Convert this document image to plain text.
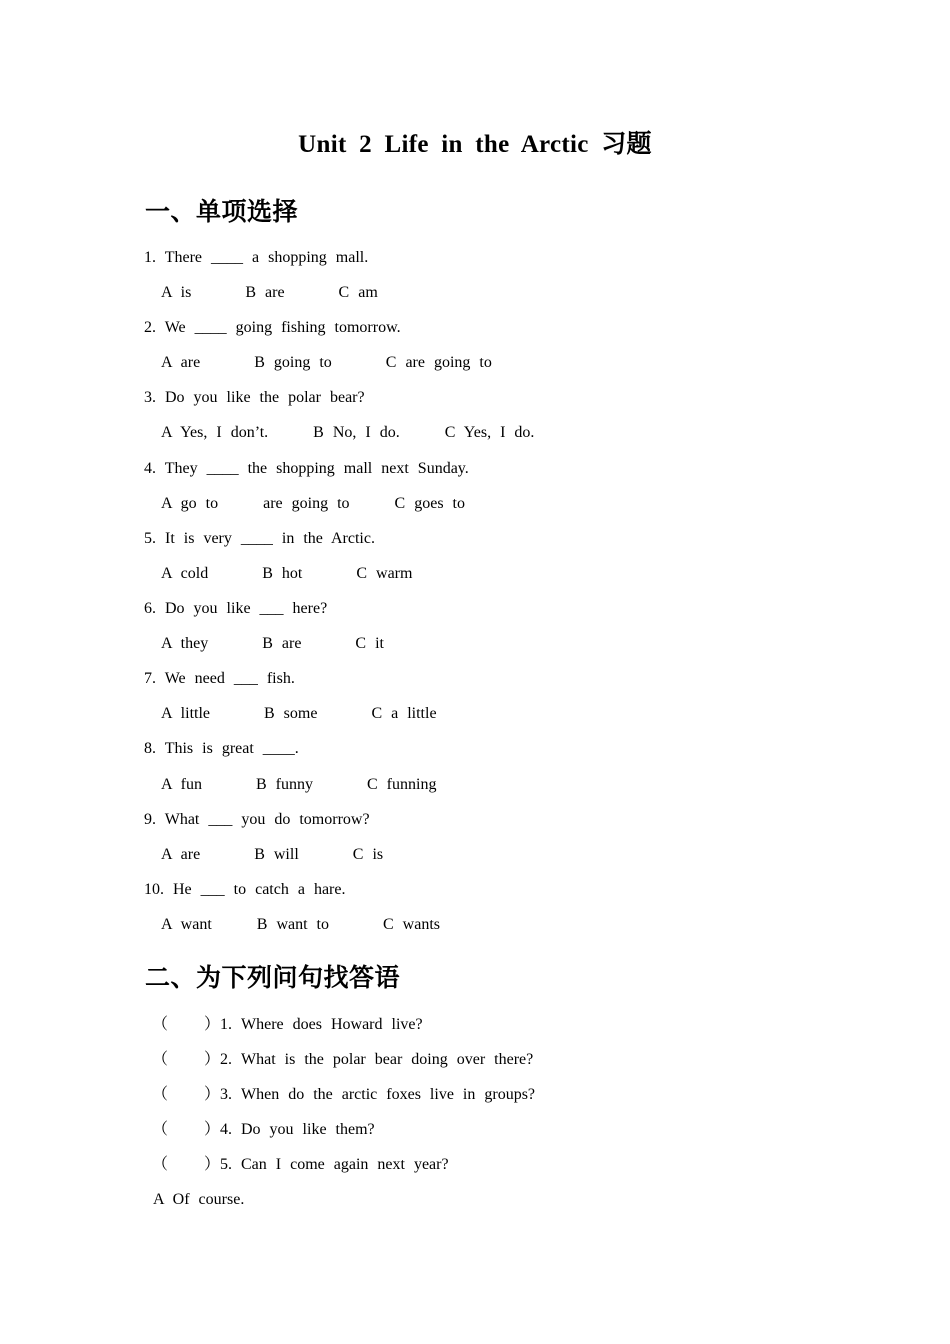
Unit 2 Life in the Arctic 习题
一、单项选择
1. There ____ a shopping mall.
A is      B are      C am
2. We ____ going fishing tomorrow.
A are      B going to      C are going to
3. Do you like the polar bear?
A Yes, I don’t.     B No, I do.     C Yes, I do.
4. They ____ the shopping mall next Sunday.
A go to     are going to     C goes to
5. It is very ____ in the Arctic.
A cold      B hot      C warm
6. Do you like ___ here?
A they      B are      C it
7. We need ___ fish.
A little      B some      C a little
8. This is great ____.
A fun      B funny      C funning
9. What ___ you do tomorrow?
A are      B will      C is
10. He ___ to catch a hare.
A want     B want to      C wants
二、为下列问句找答语
（    ）1. Where does Howard live?
（    ）2. What is the polar bear doing over there?
（    ）3. When do the arctic foxes live in groups?
（    ）4. Do you like them?
（    ）5. Can I come again next year?
A Of course.
